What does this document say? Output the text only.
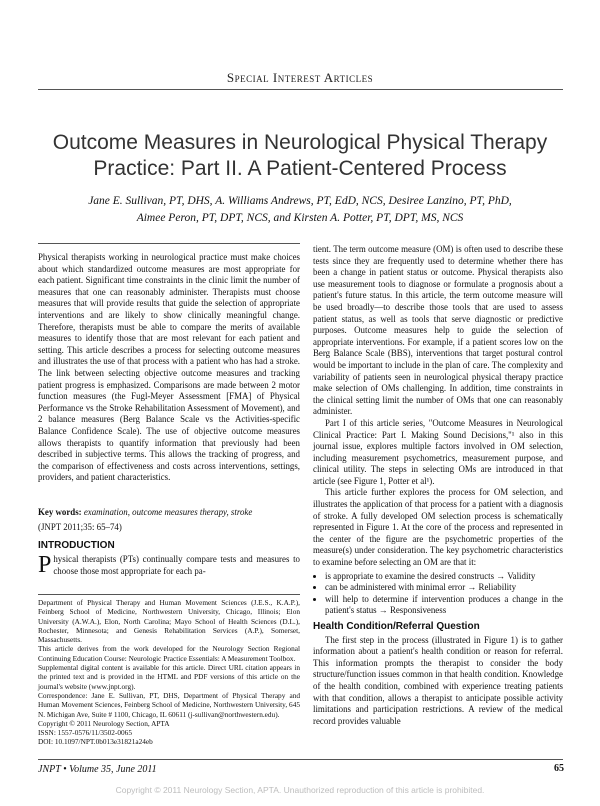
Special Interest Articles
Outcome Measures in Neurological Physical Therapy Practice: Part II. A Patient-Centered Process
Jane E. Sullivan, PT, DHS, A. Williams Andrews, PT, EdD, NCS, Desiree Lanzino, PT, PhD,
Aimee Peron, PT, DPT, NCS, and Kirsten A. Potter, PT, DPT, MS, NCS

Physical therapists working in neurological practice must make choices about which standardized outcome measures are most appropriate for each patient. Significant time constraints in the clinic limit the number of measures that one can reasonably administer. Therapists must choose measures that will provide results that guide the selection of appropriate interventions and are likely to show clinically meaningful change. Therefore, therapists must be able to compare the merits of available measures to identify those that are most relevant for each patient and setting. This article describes a process for selecting outcome measures and illustrates the use of that process with a patient who has had a stroke. The link between selecting objective outcome measures and tracking patient progress is emphasized. Comparisons are made between 2 motor function measures (the Fugl-Meyer Assessment [FMA] of Physical Performance vs the Stroke Rehabilitation Assessment of Movement), and 2 balance measures (Berg Balance Scale vs the Activities-specific Balance Confidence Scale). The use of objective outcome measures allows therapists to quantify information that previously had been described in subjective terms. This allows the tracking of progress, and the comparison of effectiveness and costs across interventions, settings, providers, and patient characteristics.

Key words: examination, outcome measures therapy, stroke
(JNPT 2011;35: 65–74)
INTRODUCTION
P hysical therapists (PTs) continually compare tests and measures to choose those most appropriate for each pa-

Department of Physical Therapy and Human Movement Sciences (J.E.S., K.A.P.), Feinberg School of Medicine, Northwestern University, Chicago, Illinois; Elon University (A.W.A.), Elon, North Carolina; Mayo School of Health Sciences (D.L.), Rochester, Minnesota; and Genesis Rehabilitation Services (A.P.), Somerset, Massachusetts.

This article derives from the work developed for the Neurology Section Regional Continuing Education Course: Neurologic Practice Essentials: A Measurement Toolbox.

Supplemental digital content is available for this article. Direct URL citation appears in the printed text and is provided in the HTML and PDF versions of this article on the journal's website (www.jnpt.org).

Correspondence: Jane E. Sullivan, PT, DHS, Department of Physical Therapy and Human Movement Sciences, Feinberg School of Medicine, Northwestern University, 645 N. Michigan Ave, Suite # 1100, Chicago, IL 60611 (j-sullivan@northwestern.edu).

Copyright © 2011 Neurology Section, APTA

ISSN: 1557-0576/11/3502-0065

DOI: 10.1097/NPT.0b013e31821a24eb

tient. The term outcome measure (OM) is often used to describe these tests since they are frequently used to determine whether there has been a change in patient status or outcome. Physical therapists also use measurement tools to diagnose or formulate a prognosis about a patient's future status. In this article, the term outcome measure will be used broadly—to describe those tools that are used to assess patient status, as well as tools that serve diagnostic or predictive purposes. Outcome measures help to guide the selection of appropriate interventions. For example, if a patient scores low on the Berg Balance Scale (BBS), interventions that target postural control would be important to include in the plan of care. The complexity and variability of patients seen in neurological physical therapy practice make selection of OMs challenging. In addition, time constraints in the clinical setting limit the number of OMs that one can reasonably administer.

Part I of this article series, "Outcome Measures in Neurological Clinical Practice: Part I. Making Sound Decisions,"¹ also in this journal issue, explores multiple factors involved in OM selection, including measurement psychometrics, measurement purpose, and clinical utility. The steps in selecting OMs are introduced in that article (see Figure 1, Potter et al¹).

This article further explores the process for OM selection, and illustrates the application of that process for a patient with a diagnosis of stroke. A fully developed OM selection process is schematically represented in Figure 1. At the core of the process and represented in the center of the figure are the psychometric properties of the measure(s) under consideration. The key psychometric characteristics to examine before selecting an OM are that it:

• is appropriate to examine the desired constructs → Validity
• can be administered with minimal error → Reliability
• will help to determine if intervention produces a change in the patient's status → Responsiveness
Health Condition/Referral Question

The first step in the process (illustrated in Figure 1) is to gather information about a patient's health condition or reason for referral. This information prompts the therapist to consider the body structure/function issues common in that health condition. Knowledge of the health condition, combined with experience treating patients with that condition, allows a therapist to anticipate possible activity limitations and participation restrictions. A review of the medical record provides valuable

JNPT • Volume 35, June 2011	65
Copyright © 2011 Neurology Section, APTA. Unauthorized reproduction of this article is prohibited.
